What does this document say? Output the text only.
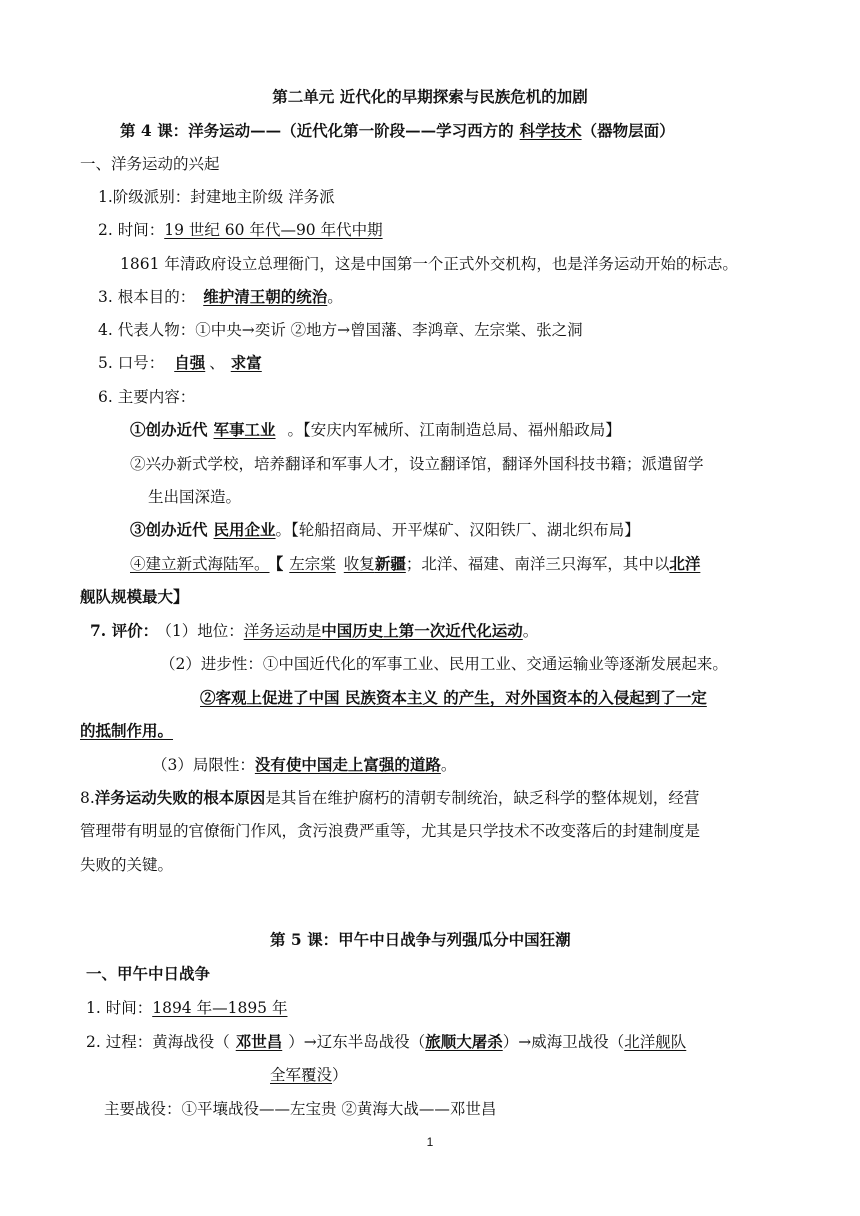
第二单元 近代化的早期探索与民族危机的加剧
第 4 课：洋务运动——（近代化第一阶段——学习西方的 科学技术（器物层面）
一、洋务运动的兴起
1.阶级派别：封建地主阶级 洋务派
2. 时间：19 世纪 60 年代—90 年代中期
1861 年清政府设立总理衙门，这是中国第一个正式外交机构，也是洋务运动开始的标志。
3. 根本目的： 维护清王朝的统治。
4. 代表人物：①中央→奕䜣 ②地方→曾国藩、李鸿章、左宗棠、张之洞
5. 口号： 自强 、 求富
6. 主要内容：
①创办近代 军事工业 。【安庆内军械所、江南制造总局、福州船政局】
②兴办新式学校，培养翻译和军事人才，设立翻译馆，翻译外国科技书籍；派遣留学
生出国深造。
③创办近代 民用企业。【轮船招商局、开平煤矿、汉阳铁厂、湖北织布局】
④建立新式海陆军。 【 左宗棠 收复新疆；北洋、福建、南洋三只海军，其中以北洋
舰队规模最大】
7. 评价： （1）地位：洋务运动是中国历史上第一次近代化运动。
（2）进步性：①中国近代化的军事工业、民用工业、交通运输业等逐渐发展起来。
②客观上促进了中国 民族资本主义 的产生，对外国资本的入侵起到了一定
的抵制作用。
（3）局限性：没有使中国走上富强的道路。
8.洋务运动失败的根本原因是其旨在维护腐朽的清朝专制统治，缺乏科学的整体规划，经营
管理带有明显的官僚衙门作风，贪污浪费严重等，尤其是只学技术不改变落后的封建制度是
失败的关键。
第 5 课：甲午中日战争与列强瓜分中国狂潮
一、甲午中日战争
1. 时间：1894 年—1895 年
2. 过程：黄海战役（ 邓世昌 ）→辽东半岛战役（旅顺大屠杀）→威海卫战役（北洋舰队
全军覆没）
主要战役：①平壤战役——左宝贵 ②黄海大战——邓世昌
1
